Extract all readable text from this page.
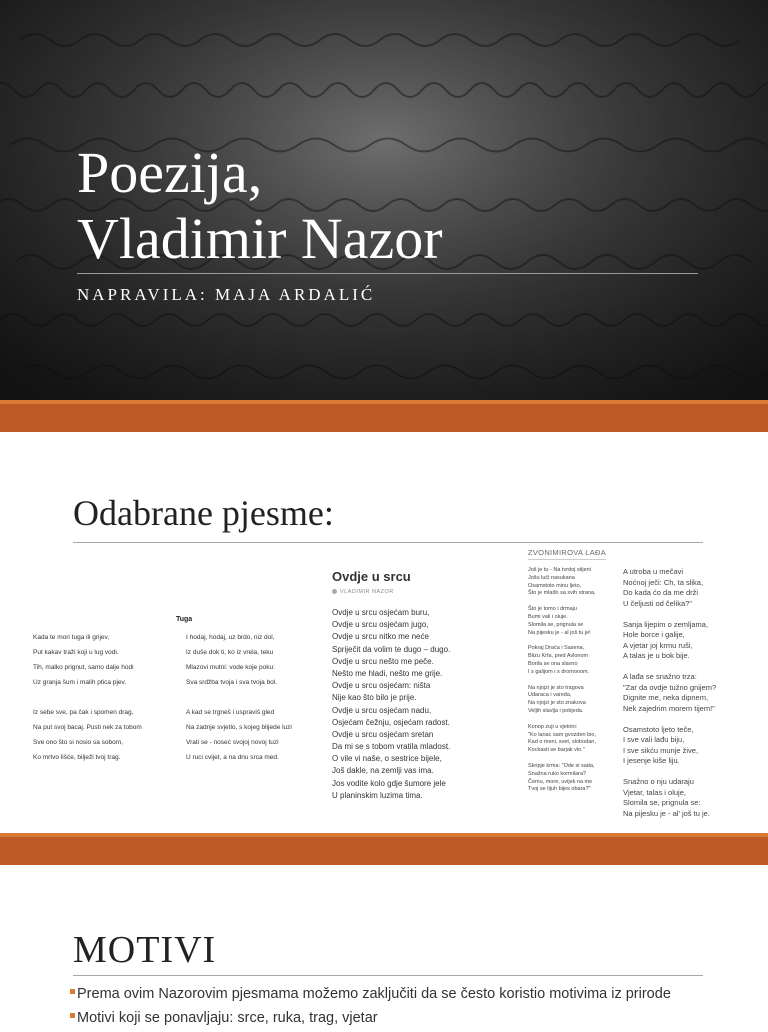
Poezija,
Vladimir Nazor
NAPRAVILA: MAJA ARDALIĆ
Odabrane pjesme:
Tuga
Kada te mori tuga ili grijev,
Put kakav traži koji u lug vodi.
Tih, malko prignut, samo dalje hodi
Uz granja šum i malih ptica pjev.
Iz sebe sve, pa čak i spomen drag,
Na put svoj bacaj. Pusti nek za tobom
Sve ono što si nosio sa sobom,
Ko mrtvo lišće, bilježi tvoj trag.
I hodaj, hodaj, uz brdo, niz dol,
Iz duše dok ti, ko iz vrela, teku
Mlazovi mutni: vode koje poku:
Sva srdžba tvoja i sva tvoja bol.
A kad se trgneš i uspraviš gled
Na zadnje svjetlo, s kojeg blijede luzi
Vrati se - noseć svojoj novoj tuzi
U ruci cvijet, a na dnu srca med.
Ovdje u srcu
VLADIMIR NAZOR
Ovdje u srcu osjećam buru,
Ovdje u srcu osjećam jugo,
Ovdje u srcu nitko me neće
Spriječit da volim te dugo – dugo.
Ovdje u srcu nešto me peče.
Nešto me hladi, nešto me grije.
Ovdje u srcu osjećam: ništa
Nije kao što bilo je prije.
Ovdje u srcu osjećam nadu,
Osjećam čežnju, osjećam radost.
Ovdje u srcu osjećam sretan
Da mi se s tobom vratila mladost.
O vile vi naše, o sestrice bijele,
Još dakle, na zemlji vas ima.
Jos vodite kolo gdje šumore jele
U planinskim luzima tima.
ZVONIMIROVA LAĐA
Još je tu - Na tvrdoj stijeni
Jošu luči nasukana
Osamstoto minu ljeto,
Što je mlađo sa svih strana,
Što je tomo i drmaju
Bumi vali i oluje.
Slomila se, prignula se
Na pijesku je - al još tu je!
Pokraj Drača i Sasena,
Blizu Krfa, pred Avlonom
Borila se ona slavno
I s galijom i s dromonom.
Na njojzi je sto tragova
Udaraca i vareda,
Na njojzi je sto znakova
Veljih slavlja i pobjeda.
Konop zuji u vjetrini:
"Ko lanac sam gvozden bio,
Kad o meni, svet, slobodan,
Kockasti se barjak vio."
Skripje krma: "Ode si sada,
Snažna ruko kormilara?
Čemu, more, uvijek na me
Tvoj se lijuh bijes obara?"
A utroba u mečavi
Noćnoj ječi: Ch, ta slika,
Do kada ćo da me drži
U čeljusti od čelika?"
Sanja lijepim o zemljama,
Hole borce i galije,
A vjetar joj krmu ruši,
A talas je u bok bije.
A lađa se snažno trza:
"Zar da ovdje tužno gnijem?
Dignite me, neka dipnem,
Nek zajedrim morem tijem!"
Osamstoto ljeto teče,
I sve vali lađu biju,
I sve sikću munje žive,
I jesenje kiše liju.
Snažno o nju udaraju
Vjetar, talas i oluje,
Slomila se, prignula se:
Na pijesku je - al' još tu je.
MOTIVI
Prema ovim Nazorovim pjesmama možemo zaključiti da se često koristio motivima iz prirode
Motivi koji se ponavljaju: srce, ruka, trag, vjetar
